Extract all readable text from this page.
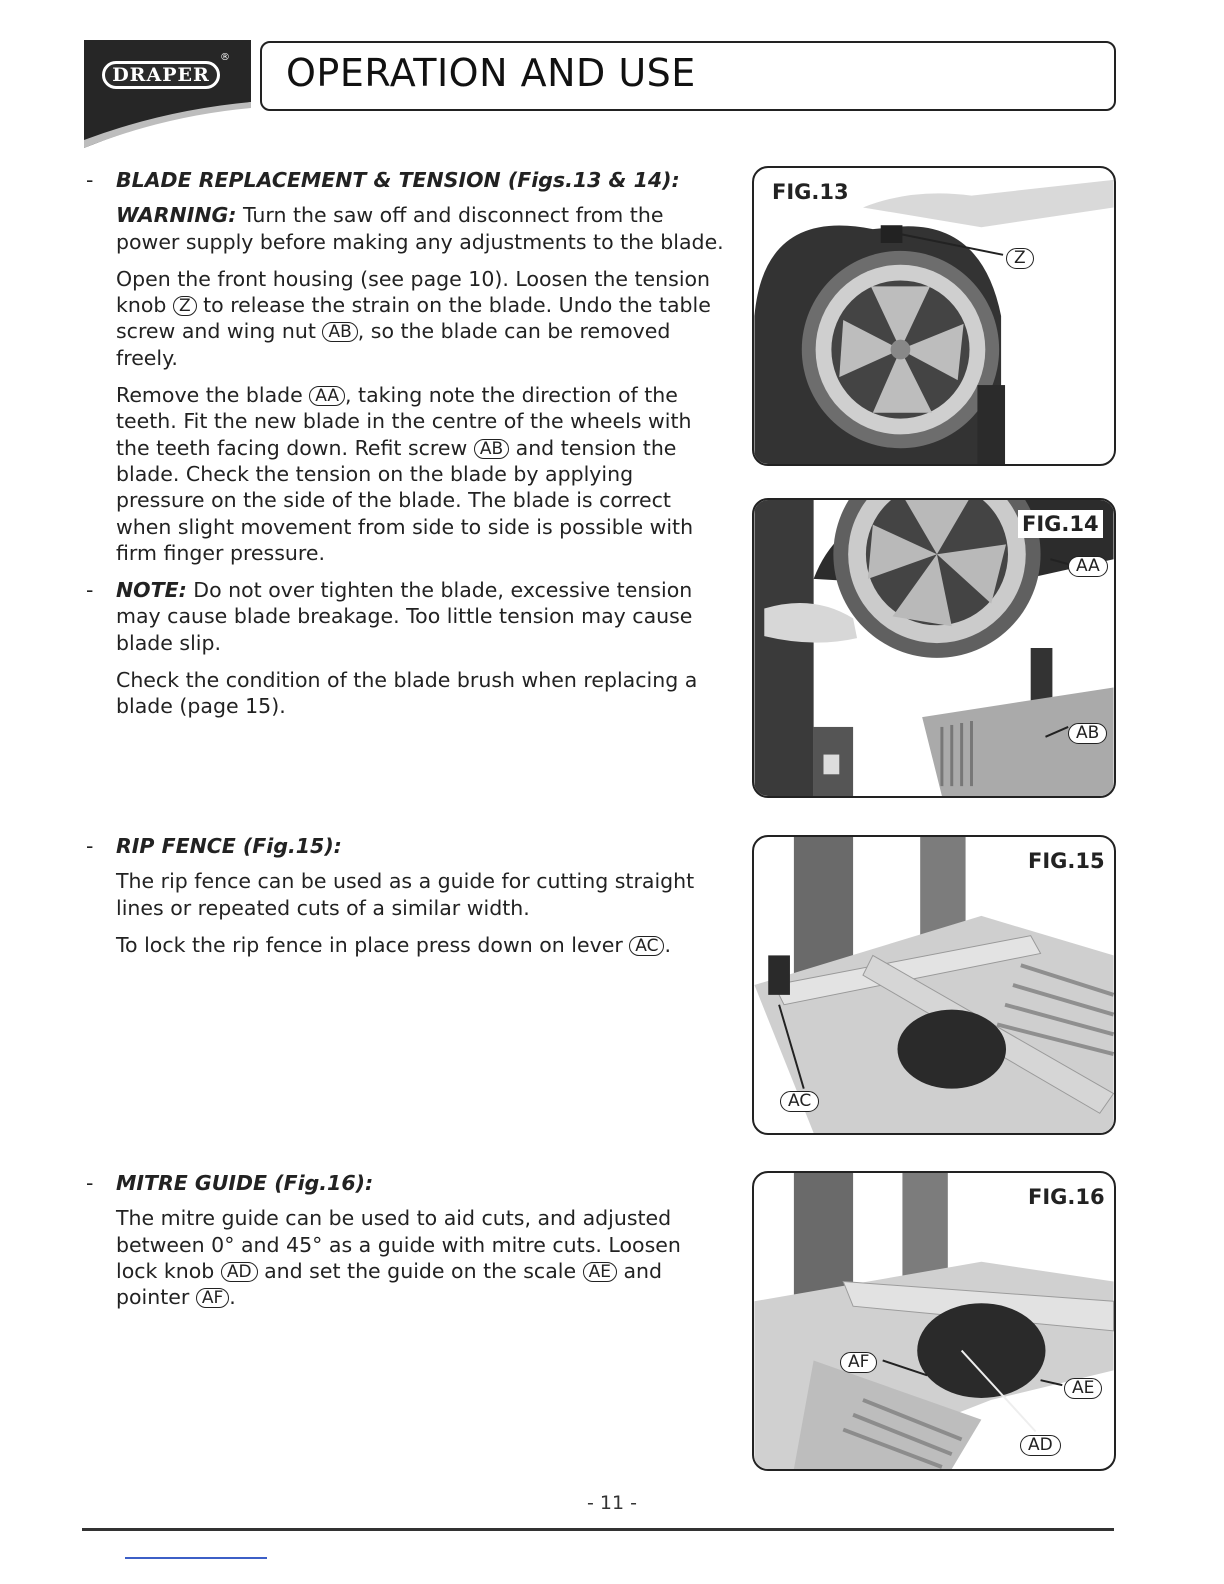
DRAPER
® OPERATION AND USE
- BLADE REPLACEMENT & TENSION (Figs.13 & 14):

WARNING: Turn the saw off and disconnect from the power supply before making any adjustments to the blade.

Open the front housing (see page 10). Loosen the tension knob Z to release the strain on the blade. Undo the table screw and wing nut AB , so the blade can be removed freely.

Remove the blade AA , taking note the direction of the teeth. Fit the new blade in the centre of the wheels with the teeth facing down. Refit screw AB and tension the blade. Check the tension on the blade by applying pressure on the side of the blade. The blade is correct when slight movement from side to side is possible with firm finger pressure.

- NOTE: Do not over tighten the blade, excessive tension may cause blade breakage. Too little tension may cause blade slip.

Check the condition of the blade brush when replacing a blade (page 15).

- RIP FENCE (Fig.15):

The rip fence can be used as a guide for cutting straight lines or repeated cuts of a similar width.

To lock the rip fence in place press down on lever AC .

- MITRE GUIDE (Fig.16):

The mitre guide can be used to aid cuts, and adjusted between 0° and 45° as a guide with mitre cuts. Loosen lock knob AD and set the guide on the scale AE and pointer AF .

FIG.13
Z
FIG.14
AA
AB
FIG.15
AC
FIG.16
AF
AE
AD
- 11 -
